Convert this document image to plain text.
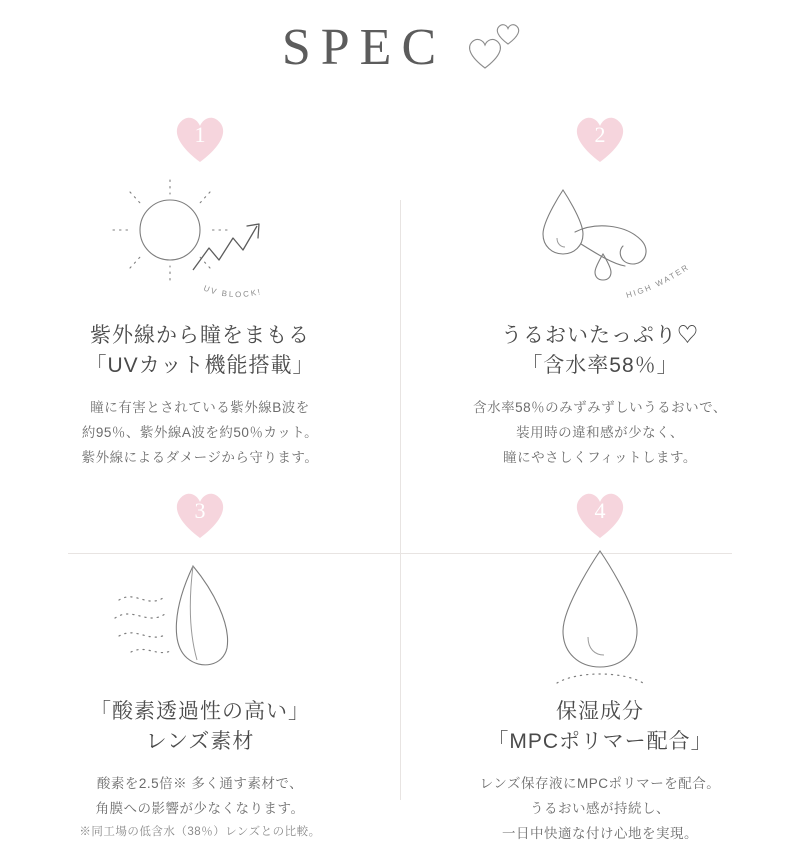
SPEC
1
UV BLOCK!
紫外線から瞳をまもる
「UVカット機能搭載」
瞳に有害とされている紫外線B波を
約95％、紫外線A波を約50％カット。
紫外線によるダメージから守ります。
2
HIGH WATER
うるおいたっぷり♡
「含水率58％」
含水率58％のみずみずしいうるおいで、
装用時の違和感が少なく、
瞳にやさしくフィットします。
3
「酸素透過性の高い」
レンズ素材
酸素を2.5倍※ 多く通す素材で、
角膜への影響が少なくなります。
※同工場の低含水（38％）レンズとの比較。
4
保湿成分
「MPCポリマー配合」
レンズ保存液にMPCポリマーを配合。
うるおい感が持続し、
一日中快適な付け心地を実現。
